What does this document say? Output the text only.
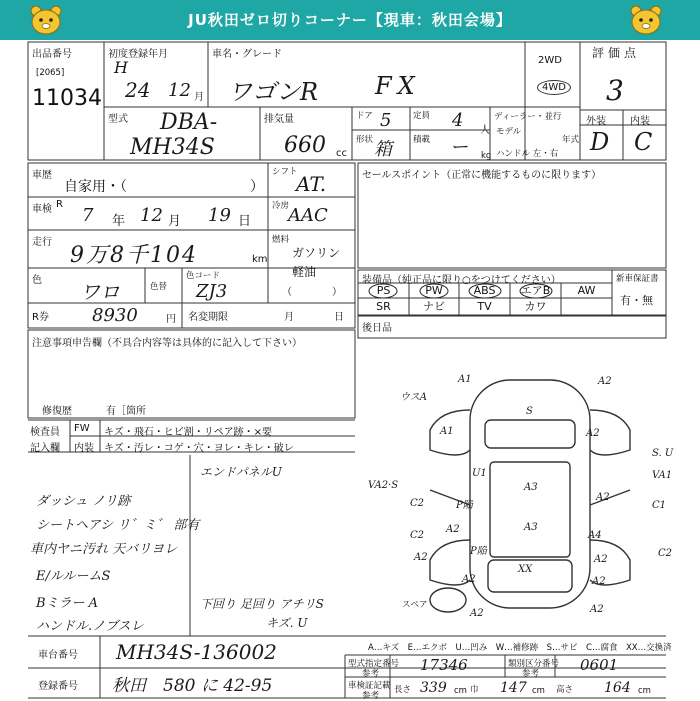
JU秋田ゼロ切りコーナー【現車：秋田会場】
出品番号
[2065]
11034
初度登録年月
H
24 12 月
車名・グレード
ワゴンR FX
2WD
4WD
評価点
3
外装 内装
D C
型式 DBA-
MH34S
排気量
660 cc
ドア 5	定員 4 人
形状 箱 積載 ー kg
ディーラー・並行
モデル
年式
ハンドル 左・右
車歴
自家用・（	）
シフト
AT.	セールスポイント（正常に機能するものに限ります）
車検 R
7 年 12 月 19 日
冷房
AAC
走行
9万8千104	km
燃料
ガソリン
軽油
（　　　　）
色 ワロ	色替
色コード
ZJ3
R券 8930	円 名変期限	月	日
装備品（純正品に限り○をつけてください）	新車保証書
有・無
PS	PW	ABS	エアB	AW
SR	ナビ	TV	カワ
後日品
注意事項申告欄（不具合内容等は具体的に記入して下さい）
修復歴	有［箇所
検査員
記入欄
FW キズ・飛石・ヒビ割・リペア跡・×要
内装 キズ・汚レ・コゲ・穴・ヨレ・キレ・破レ
ダッシュ ノリ跡
シートヘアシ リ゛ミ゛ 部有
車内ヤニ汚れ 天バリヨレ
E/ルルームS
Bミラー A
ハンドル.ノブスレ
エンドパネルU
下回り 足回り アチリS
キズ. U
ウスA
A1	A2
S
A1	A2
S. U
VA1
VA2·S
C2
A3
A2
C1
U1
P陥
A2	A3
C2
A2
P陥
A2
A4
C2
A2
XX
A2
A2	A2
スペア
A…キズ　E…エクボ　U…凹み　W…補修跡　S…サビ　C…腐食　XX…交換済
車台番号 MH34S-136002	型式指定番号
参考	17346	類別区分番号
参考	0601
登録番号 秋田　580 に 42-95	車検証記載
参考
長さ 339 cm 巾 147 cm 高さ 164 cm
